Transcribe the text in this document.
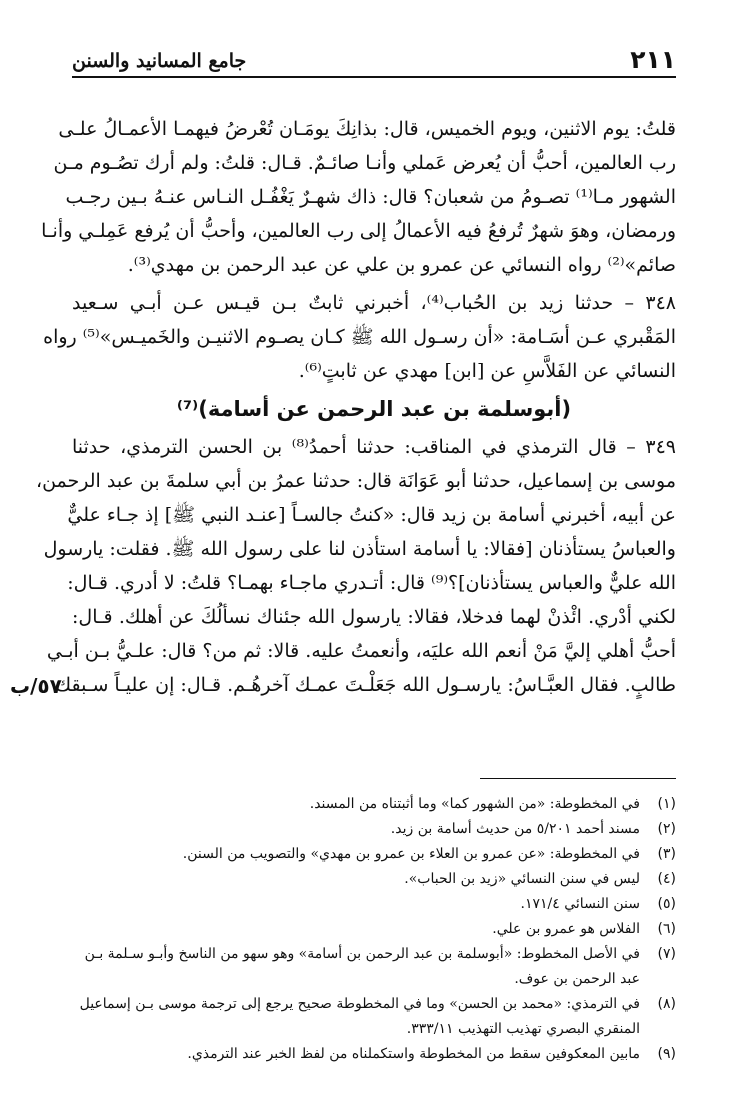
٢١١
جامع المسانيد والسنن
قلتُ: يوم الاثنين، ويوم الخميس، قال: بذانِكَ يومَـان تُعْرضُ فيهمـا الأعمـالُ علـى
رب العالمين، أحبُّ أن يُعرض عَملي وأنـا صائـمٌ. قـال: قلتُ: ولم أرك تصُـوم مـن
الشهور مـا⁽¹⁾ تصـومُ من شعبان؟ قال: ذاك شهـرٌ يَغْفُـل النـاس عنـهُ بـين رجـب
ورمضان، وهوَ شهرٌ تُرفعُ فيه الأعمالُ إلى رب العالمين، وأحبُّ أن يُرفع عَمِلـي وأنـا
صائم»⁽²⁾ رواه النسائي عن عمرو بن علي عن عبد الرحمن بن مهدي⁽³⁾.
٣٤٨ – حدثنا زيد بن الحُباب⁽⁴⁾، أخبرني ثابتٌ بـن قيـس عـن أبـي سـعيد
المَقْبري عـن أسَـامة: «أن رسـول الله ﷺ كـان يصـوم الاثنيـن والخَميـس»⁽⁵⁾ رواه
النسائي عن الفَلاَّسِ عن [ابن] مهدي عن ثابتٍ⁽⁶⁾.
(أبوسلمة بن عبد الرحمن عن أسامة)⁽⁷⁾
٣٤٩ – قال الترمذي في المناقب: حدثنا أحمدُ⁽⁸⁾ بن الحسن الترمذي، حدثنا
موسى بن إسماعيل، حدثنا أبو عَوَانَة قال: حدثنا عمرُ بن أبي سلمةَ بن عبد الرحمن،
عن أبيه، أخبرني أسامة بن زيد قال: «كنتُ جالسـاً [عنـد النبي ﷺ] إذ جـاء عليٌّ
والعباسُ يستأذنان [فقالا: يا أسامة استأذن لنا على رسول الله ﷺ. فقلت: يارسول
الله عليٌّ والعباس يستأذنان]؟⁽⁹⁾ قال: أتـدري ماجـاء بهمـا؟ قلتُ: لا أدري. قـال:
لكني أدْري. ائْذنْ لهما فدخلا، فقالا: يارسول الله جئناك نسألُكَ عن أهلك. قـال:
أحبُّ أهلي إليَّ مَنْ أنعم الله عليَه، وأنعمتُ عليه. قالا: ثم من؟ قال: علـيُّ بـن أبـي
طالبٍ. فقال العبَّـاسُ: يارسـول الله جَعَلْـتَ عمـك آخرهُـم. قـال: إن عليـاً سـبقك
٥٧/ب
(١)
في المخطوطة: «من الشهور كما» وما أثبتناه من المسند.
(٢)
مسند أحمد ٥/٢٠١ من حديث أسامة بن زيد.
(٣)
في المخطوطة: «عن عمرو بن العلاء بن عمرو بن مهدي» والتصويب من السنن.
(٤)
ليس في سنن النسائي «زيد بن الحباب».
(٥)
سنن النسائي ١٧١/٤.
(٦)
الفلاس هو عمرو بن علي.
(٧)
في الأصل المخطوط: «أبوسلمة بن عبد الرحمن بن أسامة» وهو سهو من الناسخ وأبـو سـلمة بـن
عبد الرحمن بن عوف.
(٨)
في الترمذي: «محمد بن الحسن» وما في المخطوطة صحيح يرجع إلى ترجمة موسى بـن إسماعيل
المنقري البصري تهذيب التهذيب ٣٣٣/١١.
(٩)
مابين المعكوفين سقط من المخطوطة واستكملناه من لفظ الخبر عند الترمذي.
